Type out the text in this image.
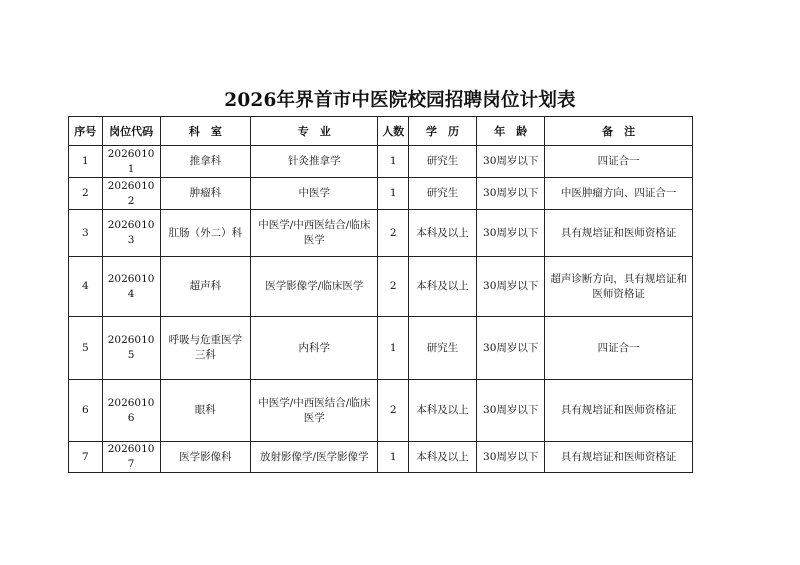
2026年界首市中医院校园招聘岗位计划表
序号	岗位代码	科　室	专　业	人数	学　历	年　龄	备　注
1	20260101	推拿科	针灸推拿学	1	研究生	30周岁以下	四证合一
2	20260102	肿瘤科	中医学	1	研究生	30周岁以下	中医肿瘤方向、四证合一
3	20260103	肛肠（外二）科	中医学/中西医结合/临床医学	2	本科及以上	30周岁以下	具有规培证和医师资格证
4	20260104	超声科	医学影像学/临床医学	2	本科及以上	30周岁以下	超声诊断方向，具有规培证和医师资格证
5	20260105	呼吸与危重医学三科	内科学	1	研究生	30周岁以下	四证合一
6	20260106	眼科	中医学/中西医结合/临床医学	2	本科及以上	30周岁以下	具有规培证和医师资格证
7	20260107	医学影像科	放射影像学/医学影像学	1	本科及以上	30周岁以下	具有规培证和医师资格证
